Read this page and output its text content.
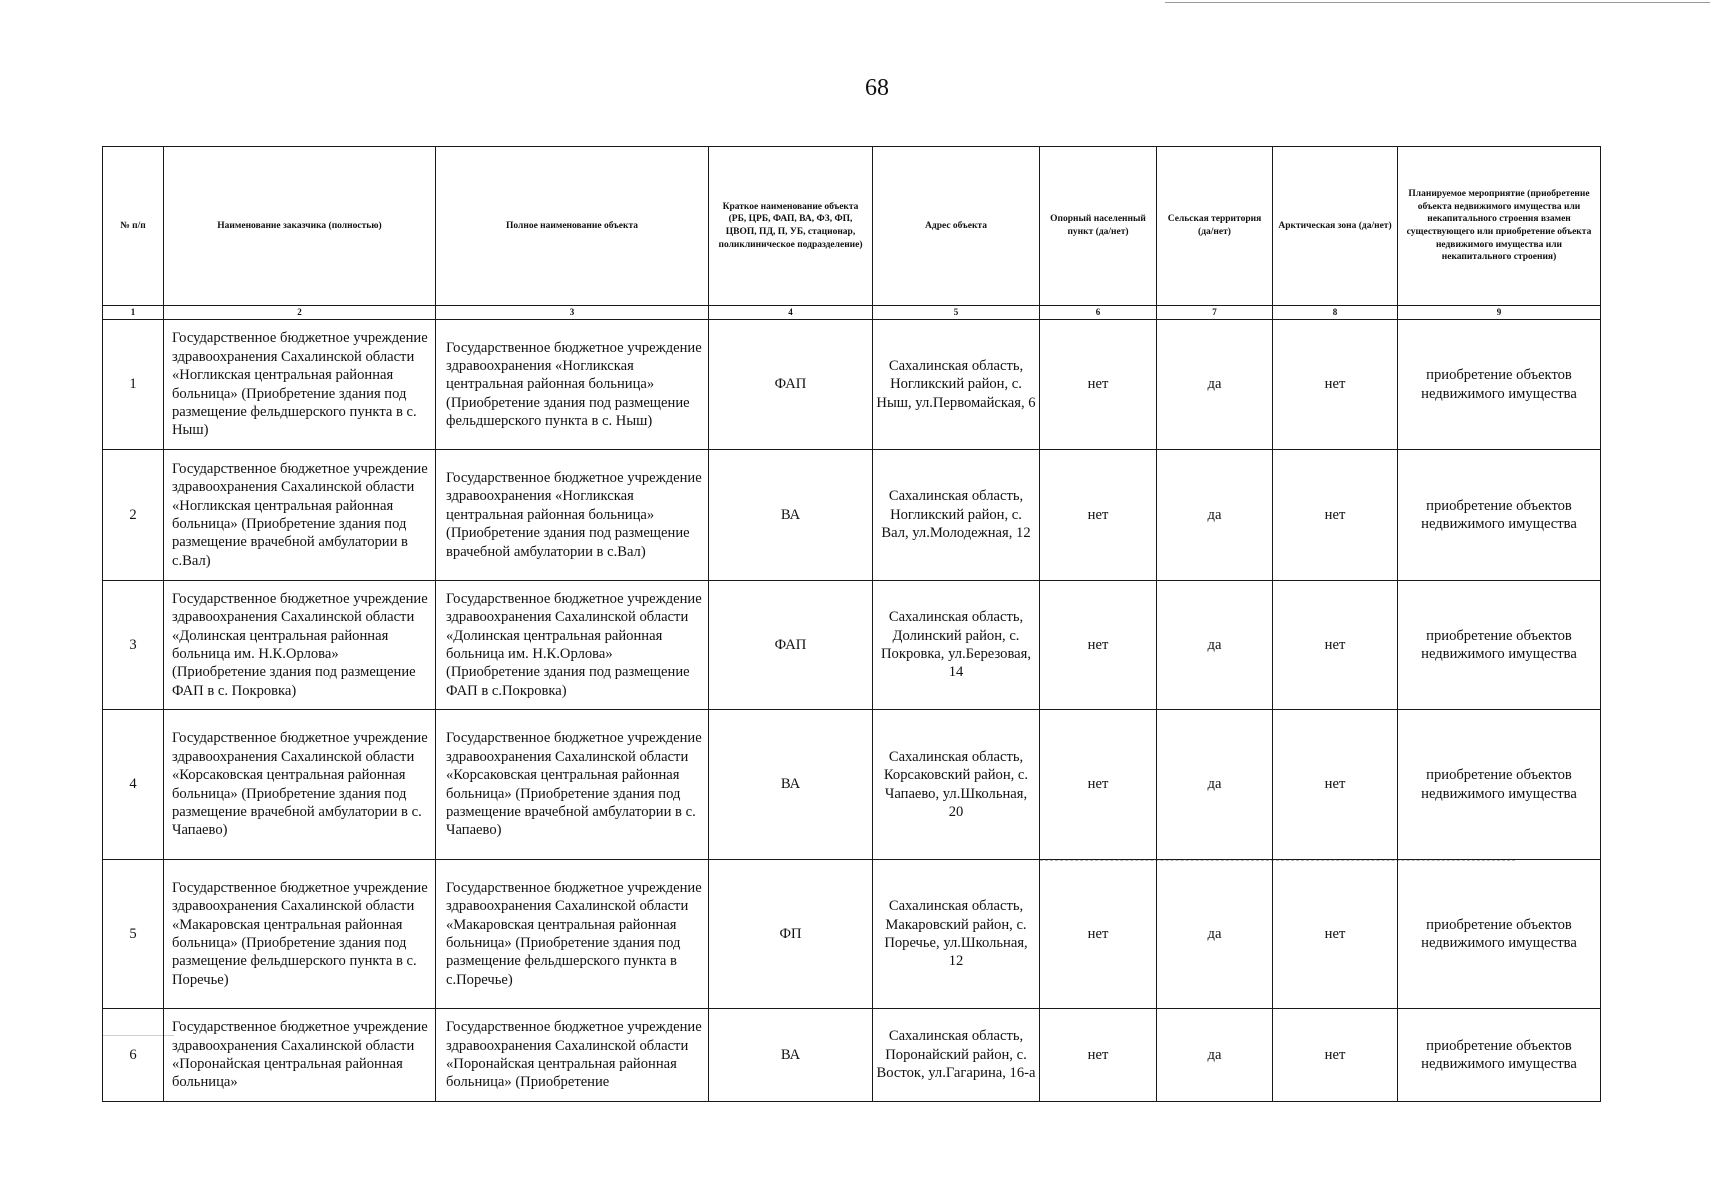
68
№ п/п	Наименование заказчика (полностью)	Полное наименование объекта	Краткое наименование объекта (РБ, ЦРБ, ФАП, ВА, ФЗ, ФП, ЦВОП, ПД, П, УБ, стационар, поликлиническое подразделение)	Адрес объекта	Опорный населенный пункт (да/нет)	Сельская территория (да/нет)	Арктическая зона (да/нет)	Планируемое мероприятие (приобретение объекта недвижимого имущества или некапитального строения взамен существующего или приобретение объекта недвижимого имущества или некапитального строения)
1	2	3	4	5	6	7	8	9
1	Государственное бюджетное учреждение здравоохранения Сахалинской области «Ногликская центральная районная больница» (Приобретение здания под размещение фельдшерского пункта в с. Ныш)	Государственное бюджетное учреждение здравоохранения «Ногликская центральная районная больница» (Приобретение здания под размещение фельдшерского пункта в с. Ныш)	ФАП	Сахалинская область, Ногликский район, с. Ныш, ул.Первомайская, 6	нет	да	нет	приобретение объектов недвижимого имущества
2	Государственное бюджетное учреждение здравоохранения Сахалинской области «Ногликская центральная районная больница» (Приобретение здания под размещение врачебной амбулатории в с.Вал)	Государственное бюджетное учреждение здравоохранения «Ногликская центральная районная больница» (Приобретение здания под размещение врачебной амбулатории в с.Вал)	ВА	Сахалинская область, Ногликский район, с. Вал, ул.Молодежная, 12	нет	да	нет	приобретение объектов недвижимого имущества
3	Государственное бюджетное учреждение здравоохранения Сахалинской области «Долинская центральная районная больница им. Н.К.Орлова» (Приобретение здания под размещение ФАП в с. Покровка)	Государственное бюджетное учреждение здравоохранения Сахалинской области «Долинская центральная районная больница им. Н.К.Орлова» (Приобретение здания под размещение ФАП в с.Покровка)	ФАП	Сахалинская область, Долинский район, с. Покровка, ул.Березовая, 14	нет	да	нет	приобретение объектов недвижимого имущества
4	Государственное бюджетное учреждение здравоохранения Сахалинской области «Корсаковская центральная районная больница» (Приобретение здания под размещение врачебной амбулатории в с. Чапаево)	Государственное бюджетное учреждение здравоохранения Сахалинской области «Корсаковская центральная районная больница» (Приобретение здания под размещение врачебной амбулатории в с. Чапаево)	ВА	Сахалинская область, Корсаковский район, с. Чапаево, ул.Школьная, 20	нет	да	нет	приобретение объектов недвижимого имущества
5	Государственное бюджетное учреждение здравоохранения Сахалинской области «Макаровская центральная районная больница» (Приобретение здания под размещение фельдшерского пункта в с. Поречье)	Государственное бюджетное учреждение здравоохранения Сахалинской области «Макаровская центральная районная больница» (Приобретение здания под размещение фельдшерского пункта в с.Поречье)	ФП	Сахалинская область, Макаровский район, с. Поречье, ул.Школьная, 12	нет	да	нет	приобретение объектов недвижимого имущества
6	Государственное бюджетное учреждение здравоохранения Сахалинской области «Поронайская центральная районная больница»	Государственное бюджетное учреждение здравоохранения Сахалинской области «Поронайская центральная районная больница» (Приобретение	ВА	Сахалинская область, Поронайский район, с. Восток, ул.Гагарина, 16-а	нет	да	нет	приобретение объектов недвижимого имущества
